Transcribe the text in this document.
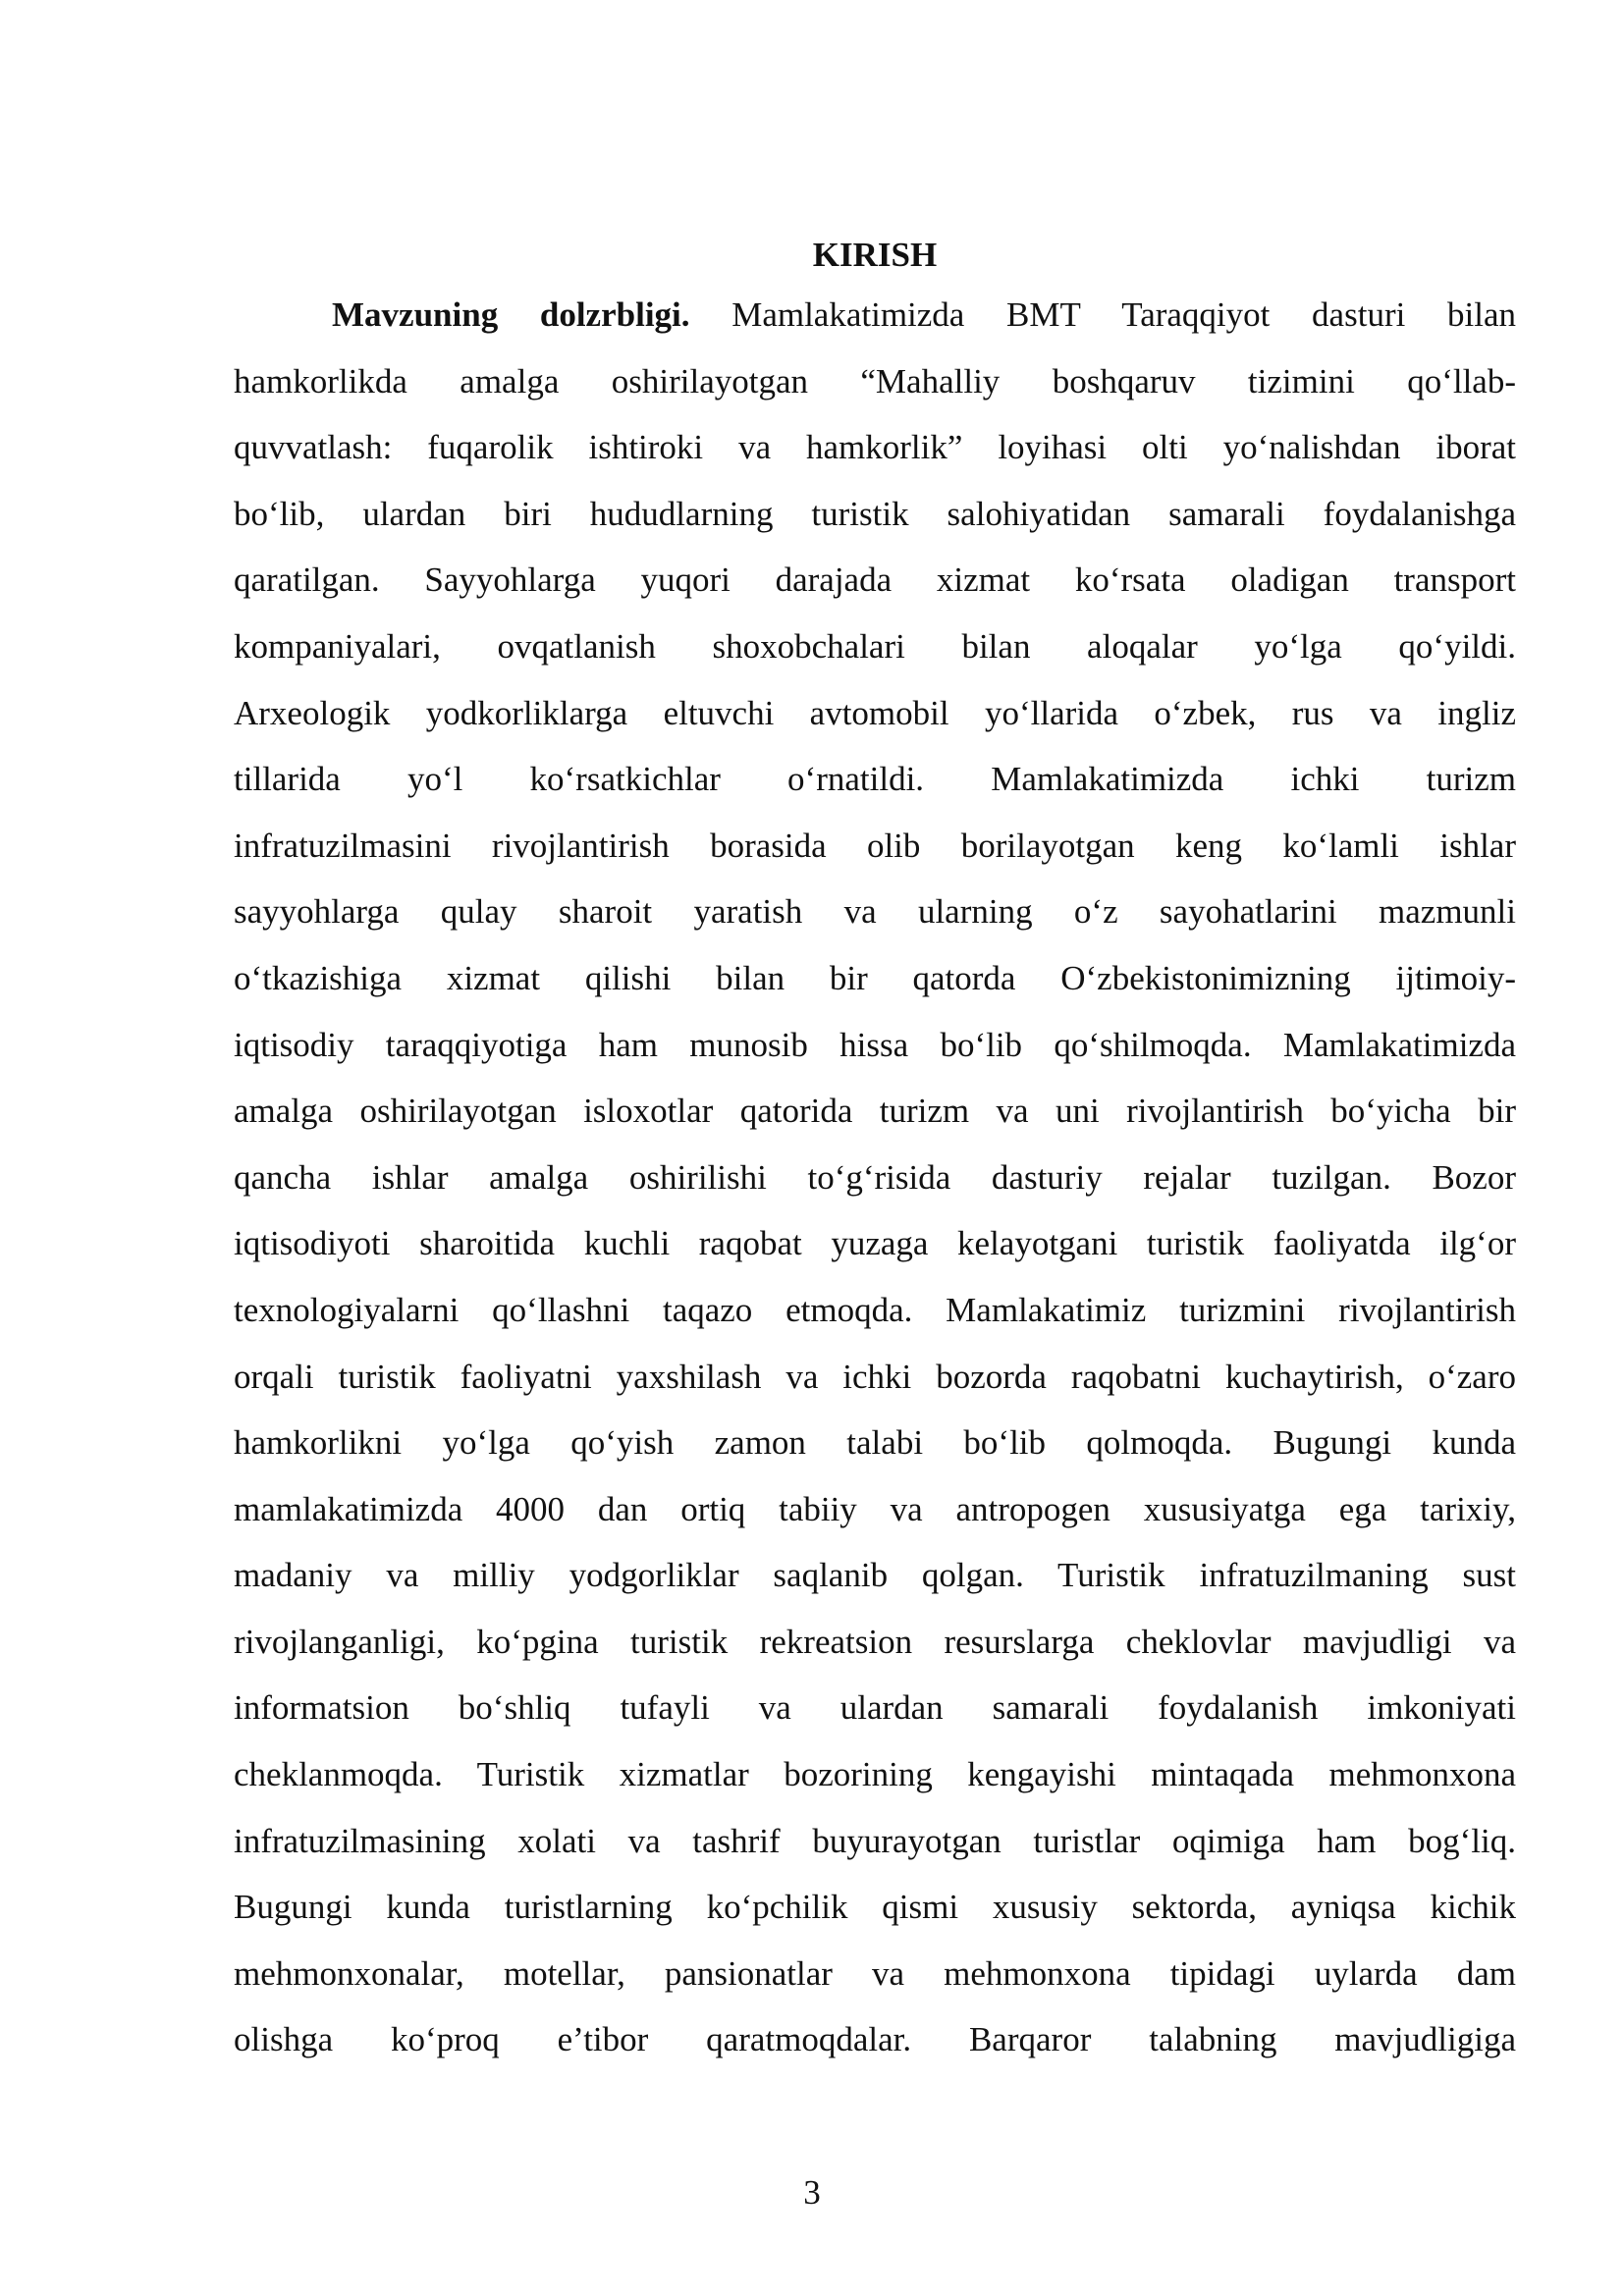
KIRISH
Mavzuning dolzrbligi. Mamlakatimizda BMT Taraqqiyot dasturi bilan
hamkorlikda amalga oshirilayotgan “Mahalliy boshqaruv tizimini qo‘llab-
quvvatlash: fuqarolik ishtiroki va hamkorlik” loyihasi olti yo‘nalishdan iborat
bo‘lib, ulardan biri hududlarning turistik salohiyatidan samarali foydalanishga
qaratilgan. Sayyohlarga yuqori darajada xizmat ko‘rsata oladigan transport
kompaniyalari, ovqatlanish shoxobchalari bilan aloqalar yo‘lga qo‘yildi.
Arxeologik yodkorliklarga eltuvchi avtomobil yo‘llarida o‘zbek, rus va ingliz
tillarida yo‘l ko‘rsatkichlar o‘rnatildi. Mamlakatimizda ichki turizm
infratuzilmasini rivojlantirish borasida olib borilayotgan keng ko‘lamli ishlar
sayyohlarga qulay sharoit yaratish va ularning o‘z sayohatlarini mazmunli
o‘tkazishiga xizmat qilishi bilan bir qatorda O‘zbekistonimizning ijtimoiy-
iqtisodiy taraqqiyotiga ham munosib hissa bo‘lib qo‘shilmoqda. Mamlakatimizda
amalga oshirilayotgan isloxotlar qatorida turizm va uni rivojlantirish bo‘yicha bir
qancha ishlar amalga oshirilishi to‘g‘risida dasturiy rejalar tuzilgan. Bozor
iqtisodiyoti sharoitida kuchli raqobat yuzaga kelayotgani turistik faoliyatda ilg‘or
texnologiyalarni qo‘llashni taqazo etmoqda. Mamlakatimiz turizmini rivojlantirish
orqali turistik faoliyatni yaxshilash va ichki bozorda raqobatni kuchaytirish, o‘zaro
hamkorlikni yo‘lga qo‘yish zamon talabi bo‘lib qolmoqda. Bugungi kunda
mamlakatimizda 4000 dan ortiq tabiiy va antropogen xususiyatga ega tarixiy,
madaniy va milliy yodgorliklar saqlanib qolgan. Turistik infratuzilmaning sust
rivojlanganligi, ko‘pgina turistik rekreatsion resurslarga cheklovlar mavjudligi va
informatsion bo‘shliq tufayli va ulardan samarali foydalanish imkoniyati
cheklanmoqda. Turistik xizmatlar bozorining kengayishi mintaqada mehmonxona
infratuzilmasining xolati va tashrif buyurayotgan turistlar oqimiga ham bog‘liq.
Bugungi kunda turistlarning ko‘pchilik qismi xususiy sektorda, ayniqsa kichik
mehmonxonalar, motellar, pansionatlar va mehmonxona tipidagi uylarda dam
olishga ko‘proq e’tibor qaratmoqdalar. Barqaror talabning mavjudligiga
3
